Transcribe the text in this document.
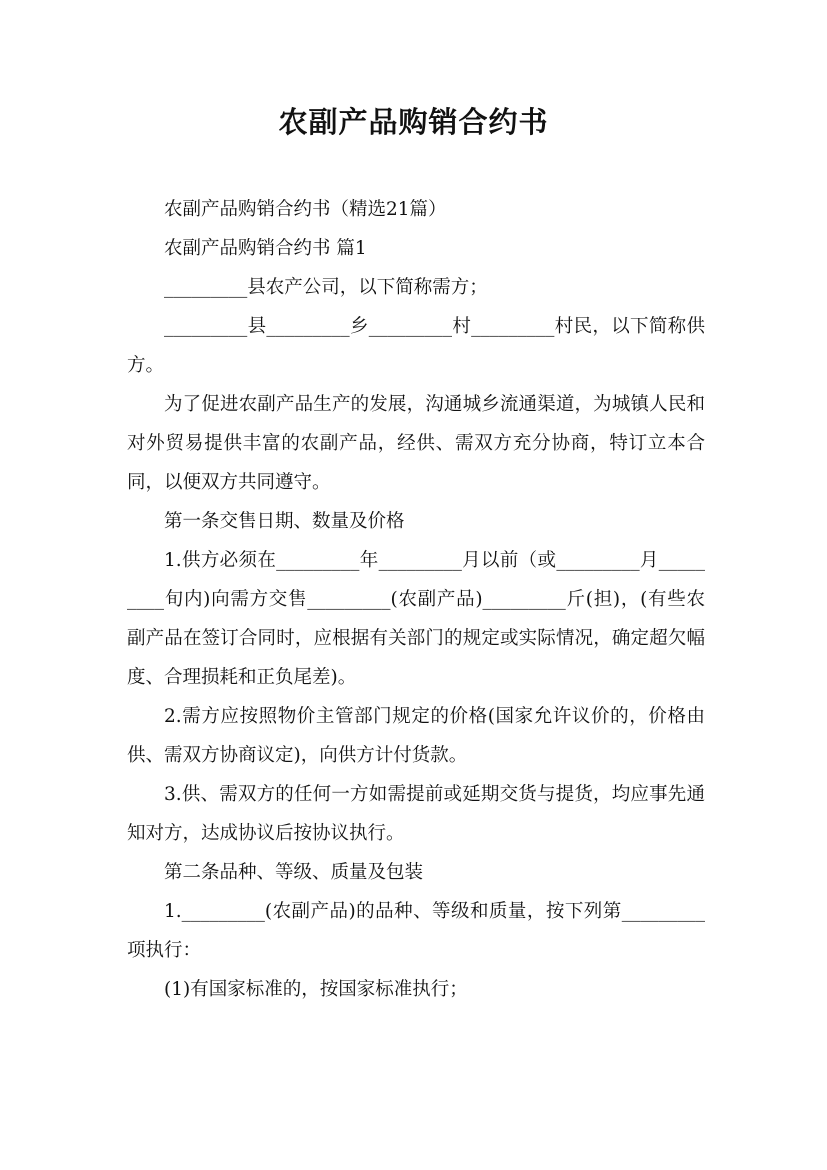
农副产品购销合约书

农副产品购销合约书（精选21篇）

农副产品购销合约书 篇1

_________县农产公司，以下简称需方；

_________县_________乡_________村_________村民，以下简称供方。

为了促进农副产品生产的发展，沟通城乡流通渠道，为城镇人民和对外贸易提供丰富的农副产品，经供、需双方充分协商，特订立本合同，以便双方共同遵守。

第一条交售日期、数量及价格

1.供方必须在_________年_________月以前（或_________月_________旬内)向需方交售_________(农副产品)_________斤(担)，(有些农副产品在签订合同时，应根据有关部门的规定或实际情况，确定超欠幅度、合理损耗和正负尾差)。

2.需方应按照物价主管部门规定的价格(国家允许议价的，价格由供、需双方协商议定)，向供方计付货款。

3.供、需双方的任何一方如需提前或延期交货与提货，均应事先通知对方，达成协议后按协议执行。

第二条品种、等级、质量及包装

1._________(农副产品)的品种、等级和质量，按下列第_________项执行：

(1)有国家标准的，按国家标准执行；
